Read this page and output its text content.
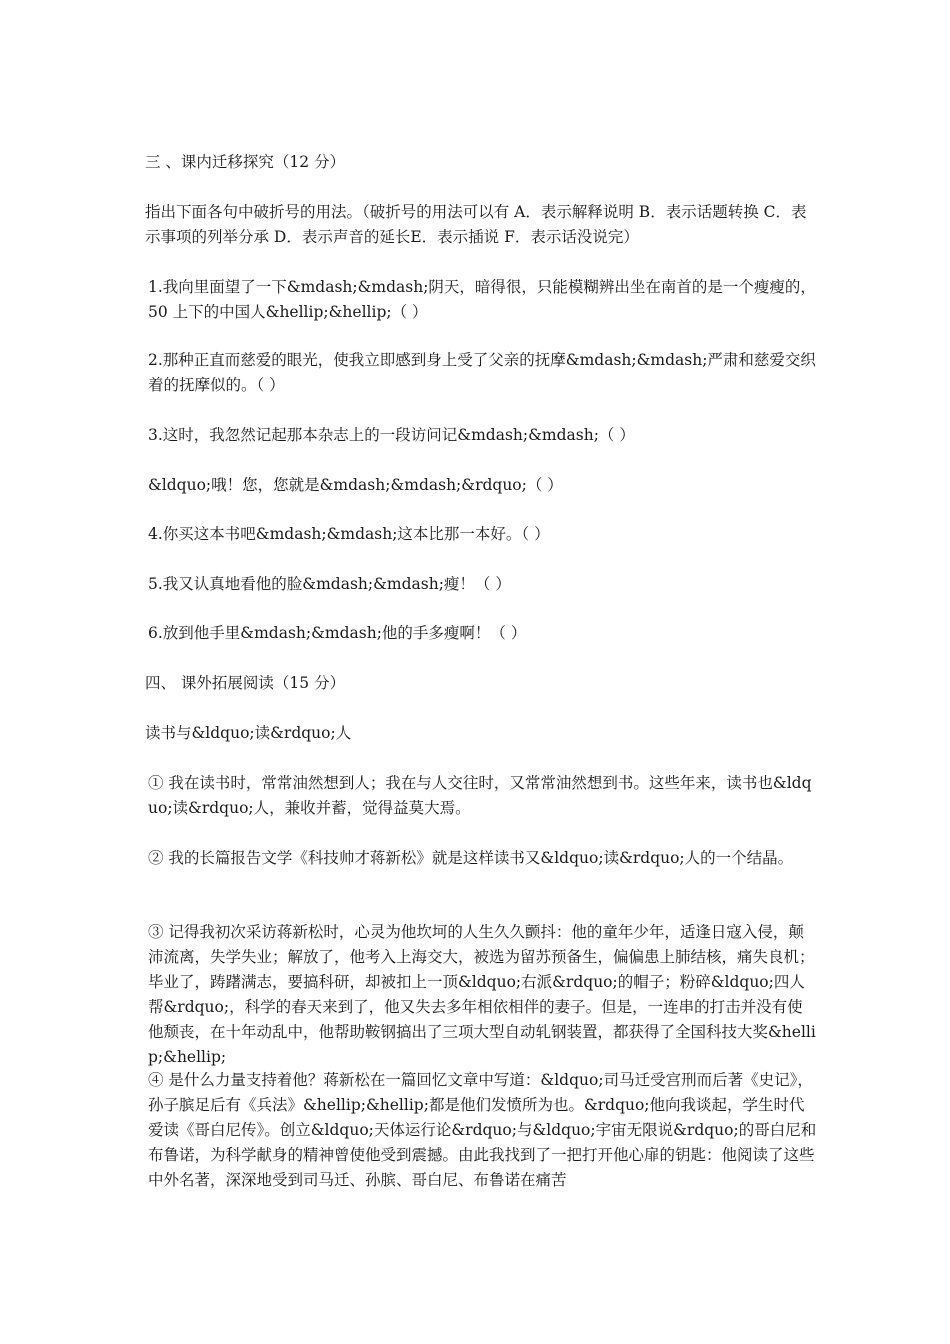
三 、课内迁移探究（12 分）
指出下面各句中破折号的用法。（破折号的用法可以有 A．表示解释说明 B．表示话题转换 C．表示事项的列举分承 D．表示声音的延长E．表示插说 F．表示话没说完）
1.我向里面望了一下&mdash;&mdash;阴天，暗得很，只能模糊辨出坐在南首的是一个瘦瘦的，50 上下的中国人&hellip;&hellip;（ ）
2.那种正直而慈爱的眼光，使我立即感到身上受了父亲的抚摩&mdash;&mdash;严肃和慈爱交织着的抚摩似的。（ ）
3.这时，我忽然记起那本杂志上的一段访问记&mdash;&mdash;（ ）
&ldquo;哦！您，您就是&mdash;&mdash;&rdquo;（ ）
4.你买这本书吧&mdash;&mdash;这本比那一本好。（ ）
5.我又认真地看他的脸&mdash;&mdash;瘦！（ ）
6.放到他手里&mdash;&mdash;他的手多瘦啊！（ ）
四、 课外拓展阅读（15 分）
读书与&ldquo;读&rdquo;人
① 我在读书时，常常油然想到人；我在与人交往时，又常常油然想到书。这些年来，读书也&ldquo;读&rdquo;人，兼收并蓄，觉得益莫大焉。
② 我的长篇报告文学《科技帅才蒋新松》就是这样读书又&ldquo;读&rdquo;人的一个结晶。
③ 记得我初次采访蒋新松时，心灵为他坎坷的人生久久颤抖：他的童年少年，适逢日寇入侵，颠沛流离，失学失业；解放了，他考入上海交大，被选为留苏预备生，偏偏患上肺结核，痛失良机；毕业了，踌躇满志，要搞科研，却被扣上一顶&ldquo;右派&rdquo;的帽子；粉碎&ldquo;四人帮&rdquo;，科学的春天来到了，他又失去多年相依相伴的妻子。但是，一连串的打击并没有使他颓丧，在十年动乱中，他帮助鞍钢搞出了三项大型自动轧钢装置，都获得了全国科技大奖&hellip;&hellip;
④ 是什么力量支持着他？蒋新松在一篇回忆文章中写道：&ldquo;司马迁受宫刑而后著《史记》，孙子膑足后有《兵法》&hellip;&hellip;都是他们发愤所为也。&rdquo;他向我谈起，学生时代爱读《哥白尼传》。创立&ldquo;天体运行论&rdquo;与&ldquo;宇宙无限说&rdquo;的哥白尼和布鲁诺，为科学献身的精神曾使他受到震撼。由此我找到了一把打开他心扉的钥匙：他阅读了这些中外名著，深深地受到司马迁、孙膑、哥白尼、布鲁诺在痛苦
